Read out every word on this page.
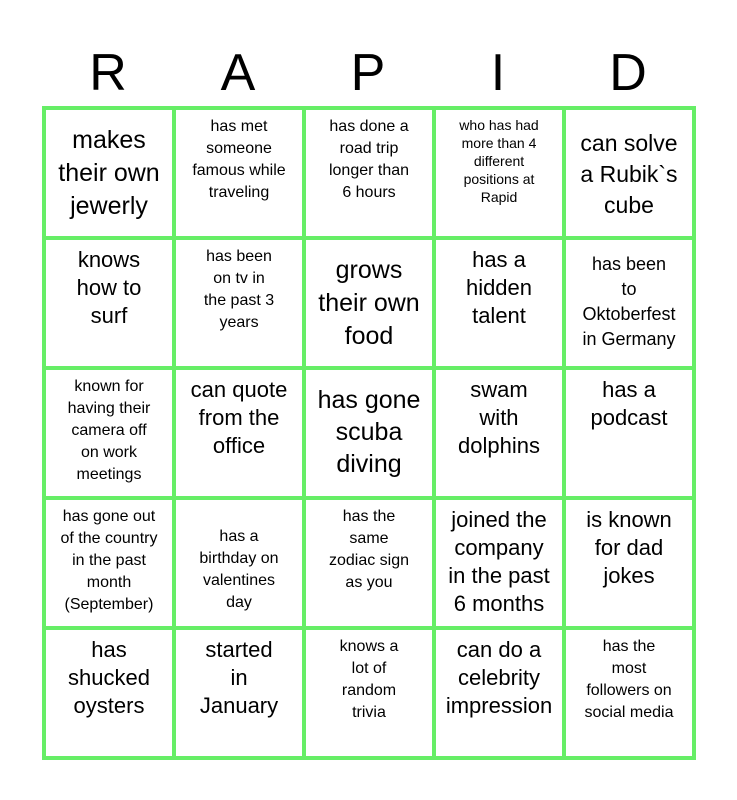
R	A	P	I	D
makes
their own
jewerly
has met
someone
famous while
traveling
has done a
road trip
longer than
6 hours
who has had
more than 4
different
positions at
Rapid
can solve
a Rubik`s
cube
knows
how to
surf
has been
on tv in
the past 3
years
grows
their own
food
has a
hidden
talent
has been
to
Oktoberfest
in Germany
known for
having their
camera off
on work
meetings
can quote
from the
office
has gone
scuba
diving
swam
with
dolphins
has a
podcast
has gone out
of the country
in the past
month
(September)
has a
birthday on
valentines
day
has the
same
zodiac sign
as you
joined the
company
in the past
6 months
is known
for dad
jokes
has
shucked
oysters
started
in
January
knows a
lot of
random
trivia
can do a
celebrity
impression
has the
most
followers on
social media
